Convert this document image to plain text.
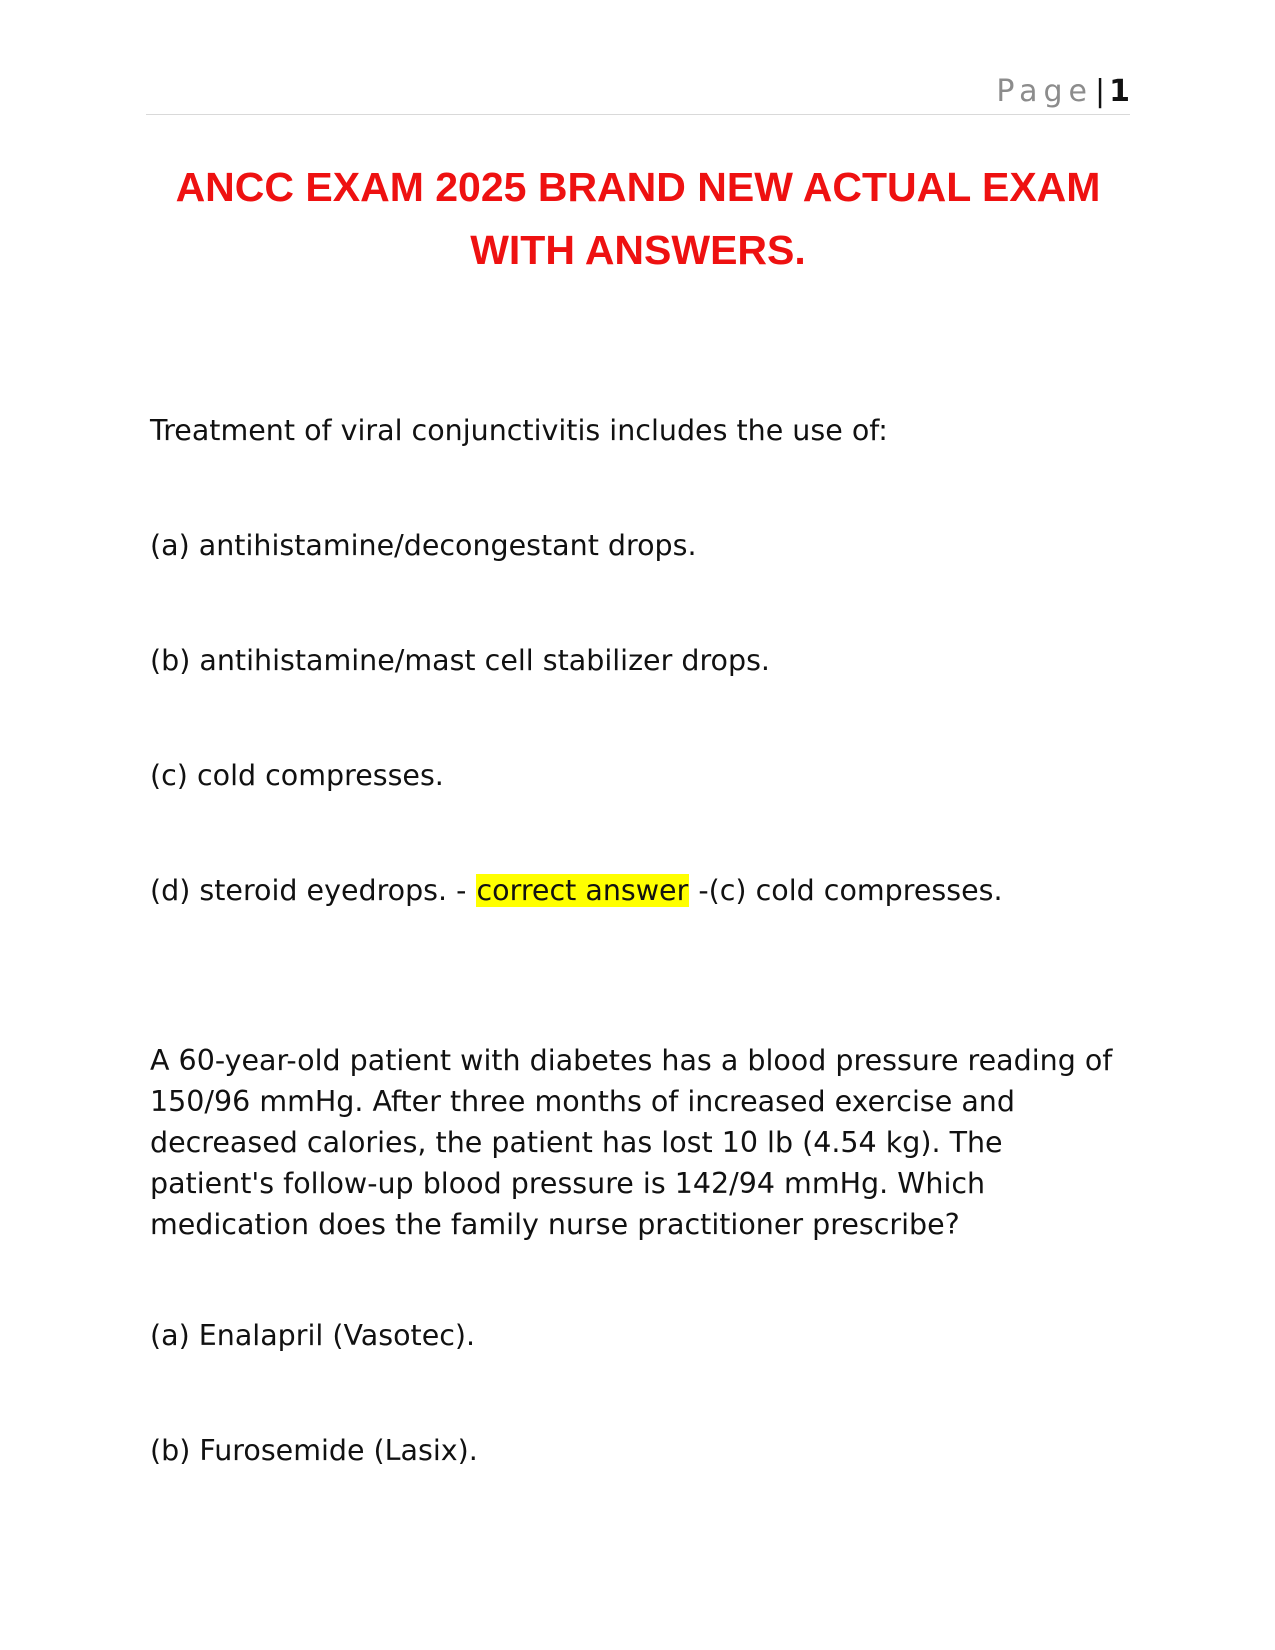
Page| 1
ANCC EXAM 2025 BRAND NEW ACTUAL EXAM WITH ANSWERS.

Treatment of viral conjunctivitis includes the use of:

(a) antihistamine/decongestant drops.

(b) antihistamine/mast cell stabilizer drops.

(c) cold compresses.

(d) steroid eyedrops. - correct answer -(c) cold compresses.

A 60-year-old patient with diabetes has a blood pressure reading of 150/96 mmHg. After three months of increased exercise and decreased calories, the patient has lost 10 lb (4.54 kg). The patient's follow-up blood pressure is 142/94 mmHg. Which medication does the family nurse practitioner prescribe?

(a) Enalapril (Vasotec).

(b) Furosemide (Lasix).
